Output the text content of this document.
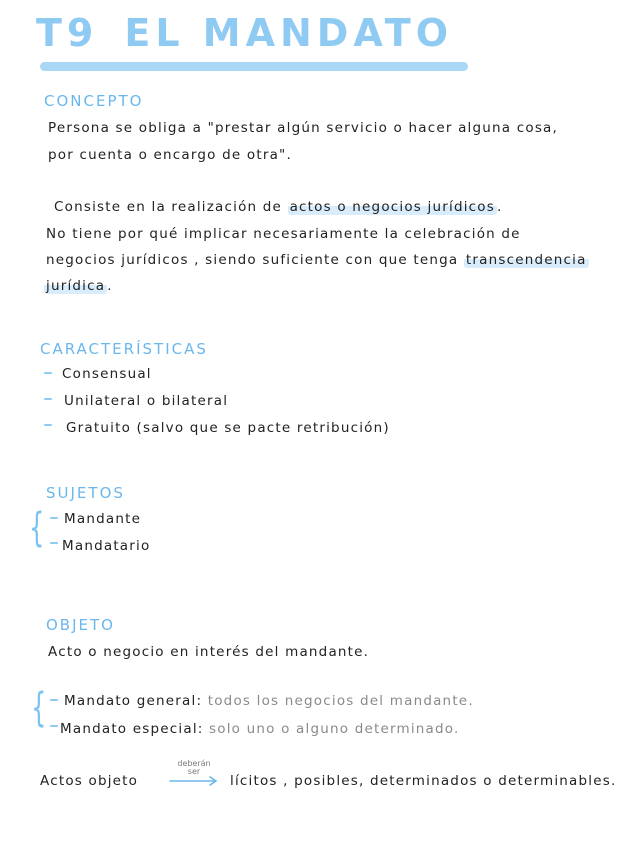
T9 EL MANDATO
CONCEPTO
Persona se obliga a "prestar algún servicio o hacer alguna cosa,
por cuenta o encargo de otra".
Consiste en la realización de actos o negocios jurídicos .
No tiene por qué implicar necesariamente la celebración de
negocios jurídicos , siendo suficiente con que tenga transcendencia
jurídica .
CARACTERÍSTICAS
Consensual
Unilateral o bilateral
Gratuito (salvo que se pacte retribución)
SUJETOS
{ Mandante
Mandatario
OBJETO
Acto o negocio en interés del mandante.
{ Mandato general: todos los negocios del mandante.
Mandato especial: solo uno o alguno determinado.
Actos objeto
deberán
ser
lícitos , posibles, determinados o determinables.
